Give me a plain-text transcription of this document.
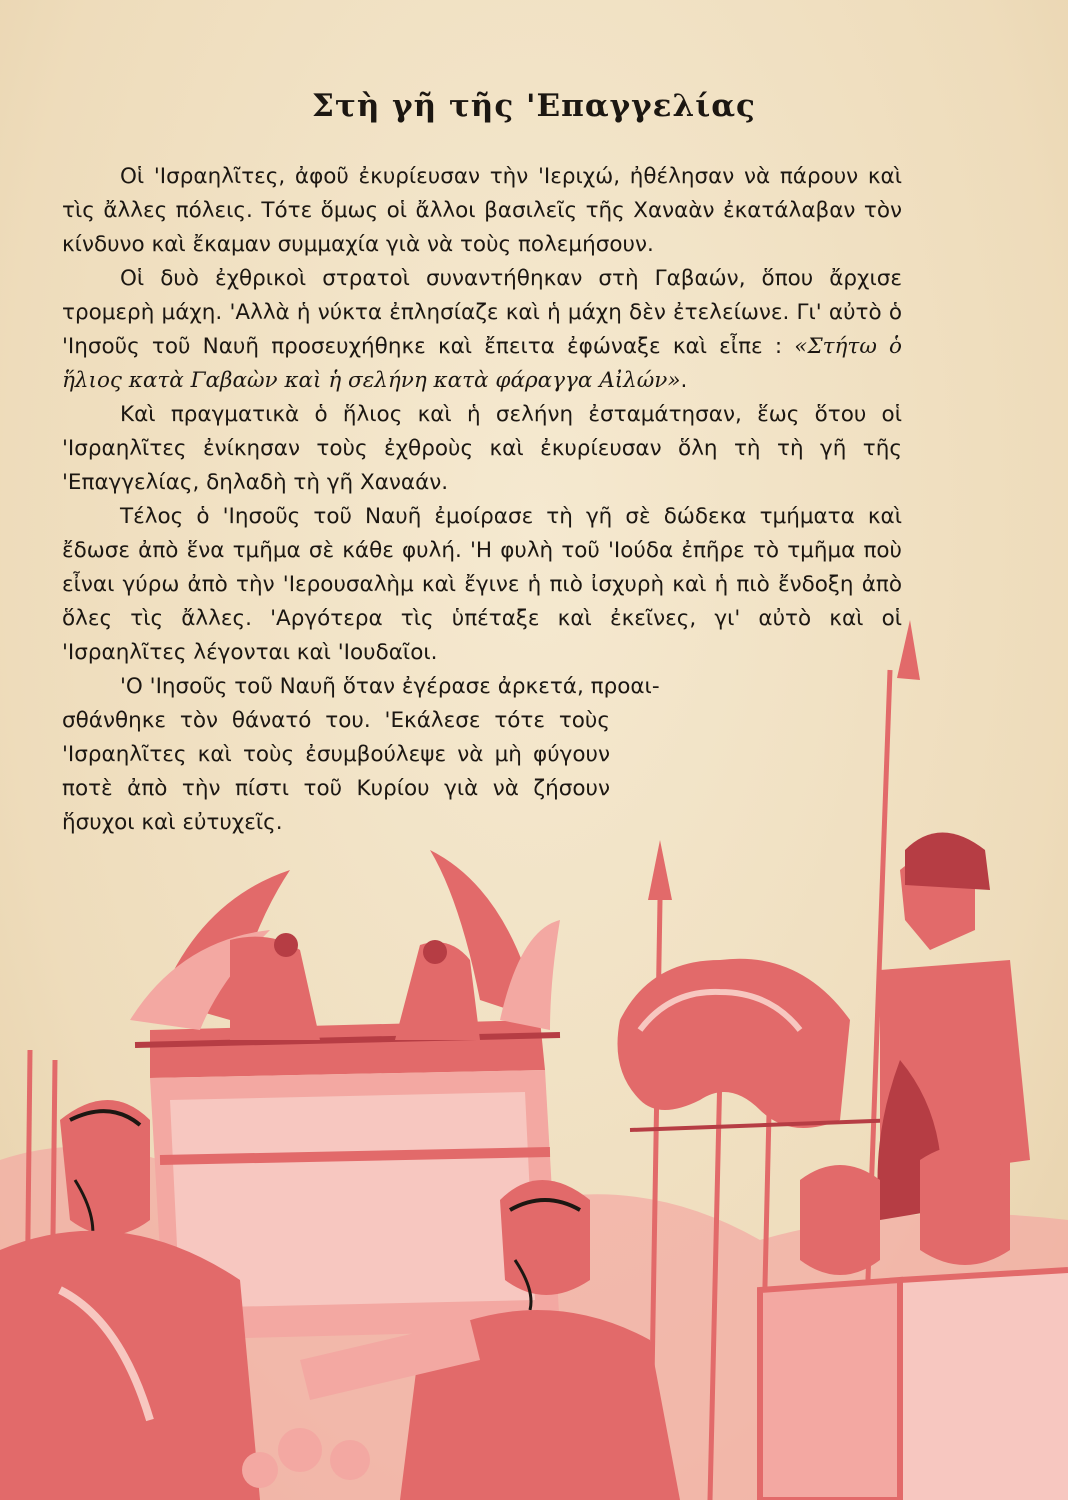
Στὴ γῆ τῆς 'Επαγγελίας

Οἱ 'Ισραηλῖτες, ἀφοῦ ἐκυρίευσαν τὴν 'Ιεριχώ, ἠθέλησαν νὰ πάρουν καὶ τὶς ἄλλες πόλεις. Τότε ὅμως οἱ ἄλλοι βασιλεῖς τῆς Χαναὰν ἐκατάλαβαν τὸν κίνδυνο καὶ ἔκαμαν συμμαχία γιὰ νὰ τοὺς πολεμήσουν.

Οἱ δυὸ ἐχθρικοὶ στρατοὶ συναντήθηκαν στὴ Γαβαών, ὅπου ἄρχισε τρομερὴ μάχη. 'Αλλὰ ἡ νύκτα ἐπλησίαζε καὶ ἡ μάχη δὲν ἐτελείωνε. Γι' αὐτὸ ὁ 'Ιησοῦς τοῦ Ναυῆ προσευχήθηκε καὶ ἔπειτα ἐφώναξε καὶ εἶπε : «Στήτω ὁ ἥλιος κατὰ Γαβαὼν καὶ ἡ σελήνη κατὰ φάραγγα Αἰλών».

Καὶ πραγματικὰ ὁ ἥλιος καὶ ἡ σελήνη ἐσταμάτησαν, ἕως ὅτου οἱ 'Ισραηλῖτες ἐνίκησαν τοὺς ἐχθροὺς καὶ ἐκυρίευσαν ὅλη τὴ τὴ γῆ τῆς 'Επαγγελίας, δηλαδὴ τὴ γῆ Χαναάν.

Τέλος ὁ 'Ιησοῦς τοῦ Ναυῆ ἐμοίρασε τὴ γῆ σὲ δώδεκα τμήματα καὶ ἔδωσε ἀπὸ ἕνα τμῆμα σὲ κάθε φυλή. 'Η φυλὴ τοῦ 'Ιούδα ἐπῆρε τὸ τμῆμα ποὺ εἶναι γύρω ἀπὸ τὴν 'Ιερουσαλὴμ καὶ ἔγινε ἡ πιὸ ἰσχυρὴ καὶ ἡ πιὸ ἔνδοξη ἀπὸ ὅλες τὶς ἄλλες. 'Αργότερα τὶς ὑπέταξε καὶ ἐκεῖνες, γι' αὐτὸ καὶ οἱ 'Ισραηλῖτες λέγονται καὶ 'Ιουδαῖοι.

'Ο 'Ιησοῦς τοῦ Ναυῆ ὅταν ἐγέρασε ἀρκετά, προαι-

σθάνθηκε τὸν θάνατό του. 'Εκάλεσε τότε τοὺς 'Ισραηλῖτες καὶ τοὺς ἐσυμβούλεψε νὰ μὴ φύγουν ποτὲ ἀπὸ τὴν πίστι τοῦ Κυρίου γιὰ νὰ ζήσουν ἥσυχοι καὶ εὐτυχεῖς.
